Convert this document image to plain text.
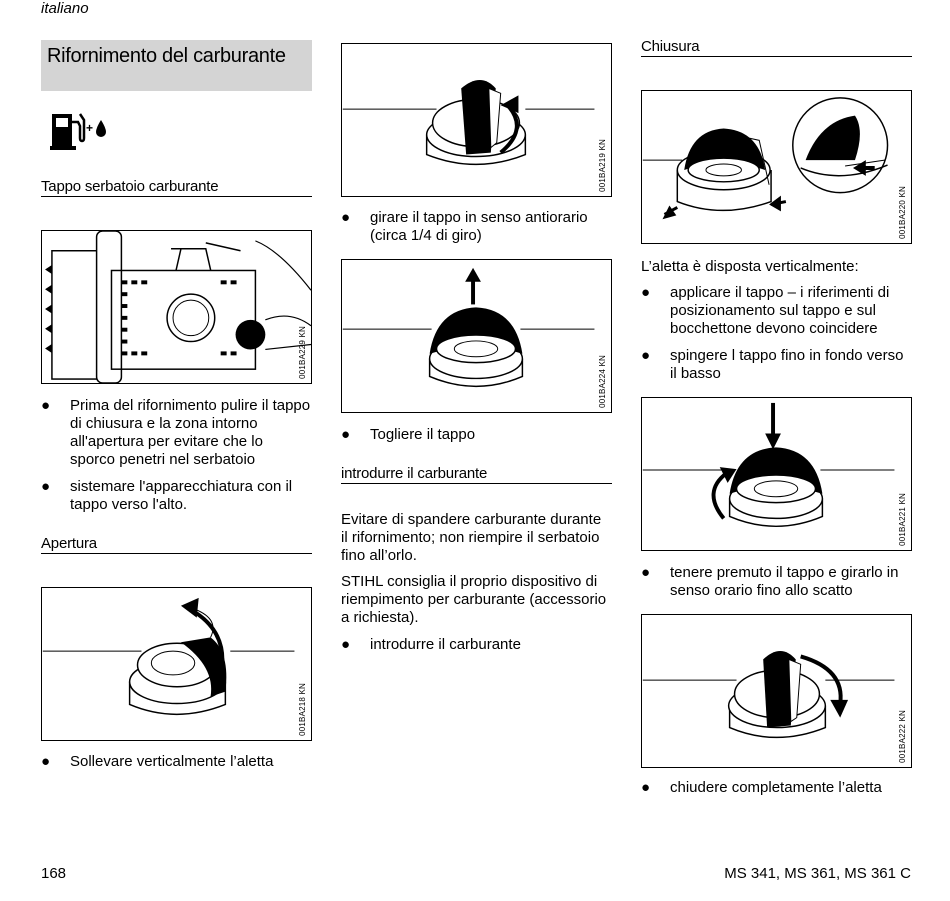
italiano
Rifornimento del carburante
+
Tappo serbatoio carburante
001BA229 KN
● Prima del rifornimento pulire il tappo
di chiusura e la zona intorno
all'apertura per evitare che lo
sporco penetri nel serbatoio
● sistemare l'apparecchiatura con il
tappo verso l'alto.
Apertura
001BA218 KN
● Sollevare verticalmente l’aletta
001BA219 KN
● girare il tappo in senso antiorario
(circa 1/4 di giro)
001BA224 KN
● Togliere il tappo
introdurre il carburante
Evitare di spandere carburante durante
il rifornimento; non riempire il serbatoio
fino all’orlo.
STIHL consiglia il proprio dispositivo di
riempimento per carburante (accessorio
a richiesta).
● introdurre il carburante
Chiusura
001BA220 KN
L’aletta è disposta verticalmente:
● applicare il tappo – i riferimenti di
posizionamento sul tappo e sul
bocchettone devono coincidere
● spingere l tappo fino in fondo verso
il basso
001BA221 KN
● tenere premuto il tappo e girarlo in
senso orario fino allo scatto
001BA222 KN
● chiudere completamente l’aletta
168	MS 341, MS 361, MS 361 C
